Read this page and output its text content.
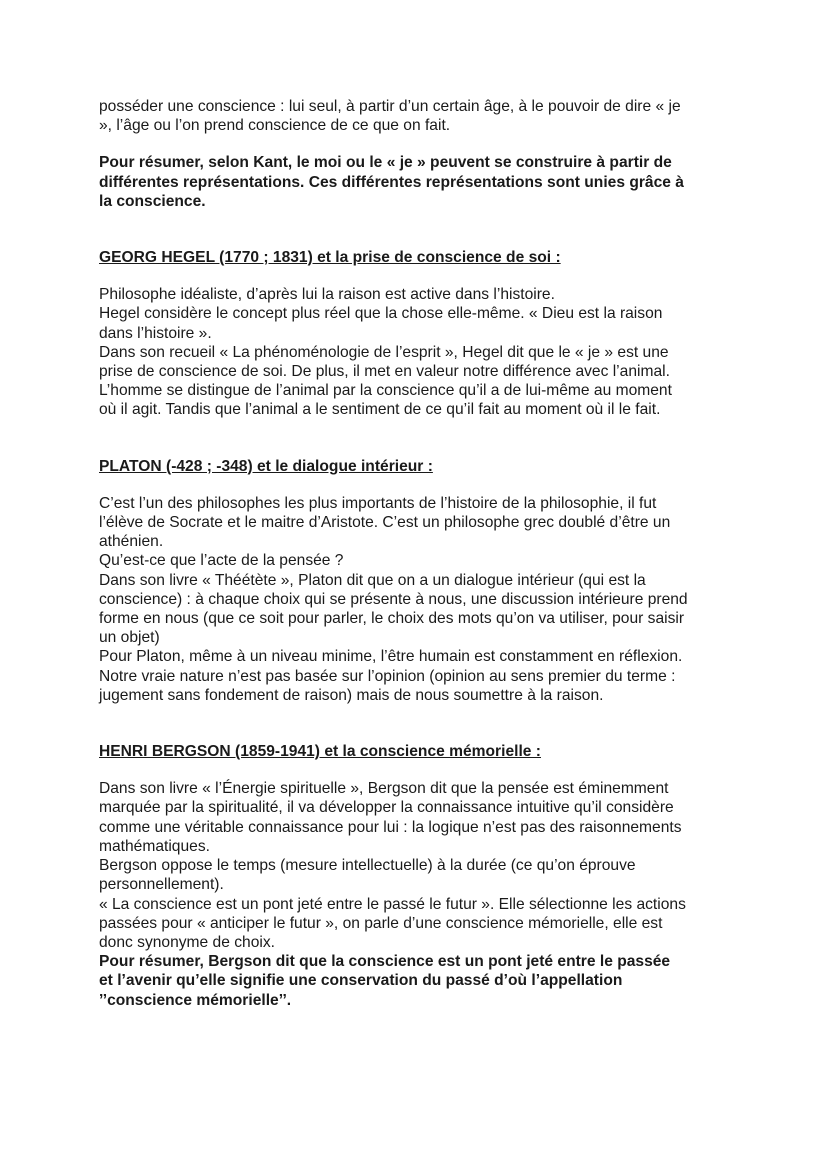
posséder une conscience : lui seul, à partir d’un certain âge, à le pouvoir de dire « je
», l’âge ou l’on prend conscience de ce que on fait.
Pour résumer, selon Kant, le moi ou le « je » peuvent se construire à partir de
différentes représentations. Ces différentes représentations sont unies grâce à
la conscience.
GEORG HEGEL (1770 ; 1831) et la prise de conscience de soi :
Philosophe idéaliste, d’après lui la raison est active dans l’histoire.
Hegel considère le concept plus réel que la chose elle-même. « Dieu est la raison
dans l’histoire ».
Dans son recueil « La phénoménologie de l’esprit », Hegel dit que le « je » est une
prise de conscience de soi. De plus, il met en valeur notre différence avec l’animal.
L’homme se distingue de l’animal par la conscience qu’il a de lui-même au moment
où il agit. Tandis que l’animal a le sentiment de ce qu’il fait au moment où il le fait.
PLATON (-428 ; -348) et le dialogue intérieur :
C’est l’un des philosophes les plus importants de l’histoire de la philosophie, il fut
l’élève de Socrate et le maitre d’Aristote. C’est un philosophe grec doublé d’être un
athénien.
Qu’est-ce que l’acte de la pensée ?
Dans son livre « Théétète », Platon dit que on a un dialogue intérieur (qui est la
conscience) : à chaque choix qui se présente à nous, une discussion intérieure prend
forme en nous (que ce soit pour parler, le choix des mots qu’on va utiliser, pour saisir
un objet)
Pour Platon, même à un niveau minime, l’être humain est constamment en réflexion.
Notre vraie nature n’est pas basée sur l’opinion (opinion au sens premier du terme :
jugement sans fondement de raison) mais de nous soumettre à la raison.
HENRI BERGSON (1859-1941) et la conscience mémorielle :
Dans son livre « l’Énergie spirituelle », Bergson dit que la pensée est éminemment
marquée par la spiritualité, il va développer la connaissance intuitive qu’il considère
comme une véritable connaissance pour lui : la logique n’est pas des raisonnements
mathématiques.
Bergson oppose le temps (mesure intellectuelle) à la durée (ce qu’on éprouve
personnellement).
« La conscience est un pont jeté entre le passé le futur ». Elle sélectionne les actions
passées pour « anticiper le futur », on parle d’une conscience mémorielle, elle est
donc synonyme de choix.
Pour résumer, Bergson dit que la conscience est un pont jeté entre le passée
et l’avenir qu’elle signifie une conservation du passé d’où l’appellation
’’conscience mémorielle’’.
